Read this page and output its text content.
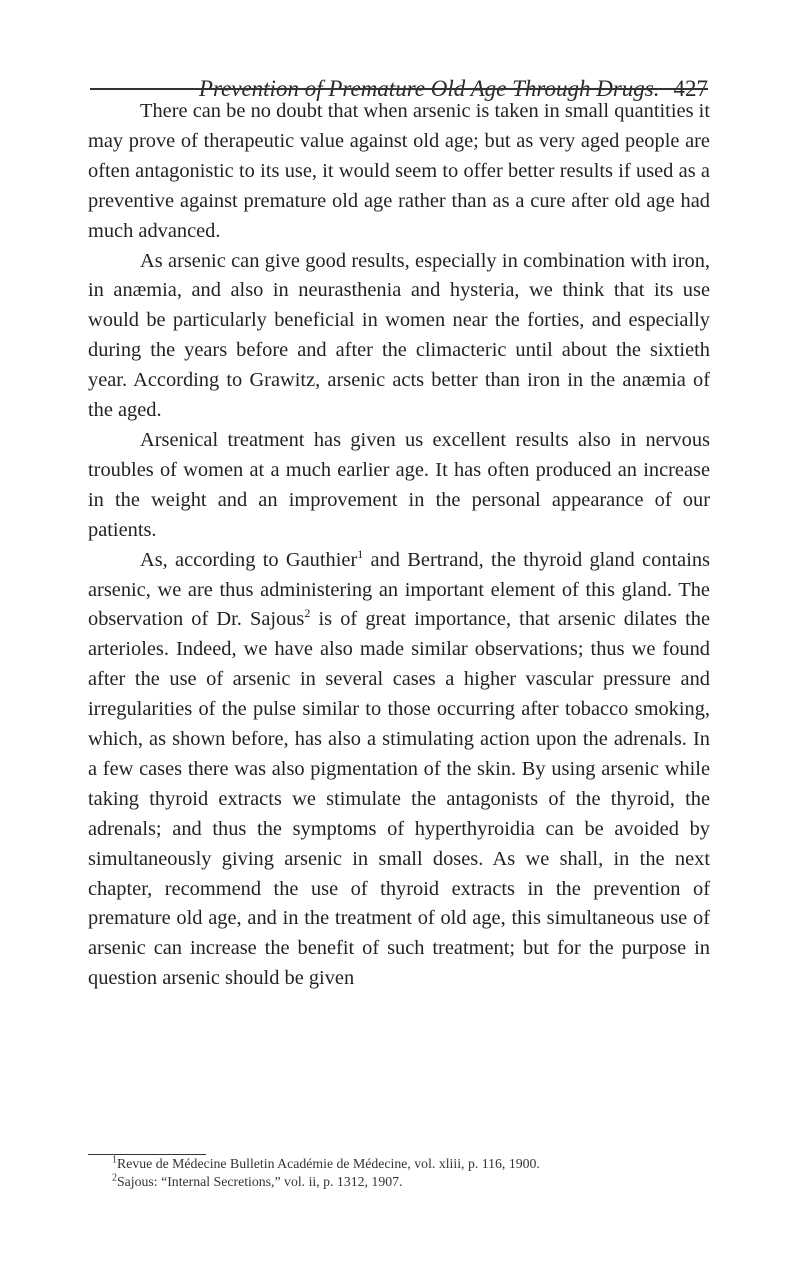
Prevention of Premature Old Age Through Drugs. 427

There can be no doubt that when arsenic is taken in small quantities it may prove of therapeutic value against old age; but as very aged people are often antagonistic to its use, it would seem to offer better results if used as a preventive against premature old age rather than as a cure after old age had much advanced.

As arsenic can give good results, especially in combination with iron, in anæmia, and also in neurasthenia and hysteria, we think that its use would be particularly beneficial in women near the forties, and especially during the years before and after the climacteric until about the sixtieth year. According to Grawitz, arsenic acts better than iron in the anæmia of the aged.

Arsenical treatment has given us excellent results also in nervous troubles of women at a much earlier age. It has often produced an increase in the weight and an improvement in the personal appearance of our patients.

As, according to Gauthier$^1$ and Bertrand, the thyroid gland contains arsenic, we are thus administering an important element of this gland. The observation of Dr. Sajous$^2$ is of great importance, that arsenic dilates the arterioles. Indeed, we have also made similar observations; thus we found after the use of arsenic in several cases a higher vascular pressure and irregularities of the pulse similar to those occurring after tobacco smoking, which, as shown before, has also a stimulating action upon the adrenals. In a few cases there was also pigmentation of the skin. By using arsenic while taking thyroid extracts we stimulate the antagonists of the thyroid, the adrenals; and thus the symptoms of hyperthyroidia can be avoided by simultaneously giving arsenic in small doses. As we shall, in the next chapter, recommend the use of thyroid extracts in the prevention of premature old age, and in the treatment of old age, this simultaneous use of arsenic can increase the benefit of such treatment; but for the purpose in question arsenic should be given

$^1$Revue de Médecine Bulletin Académie de Médecine, vol. xliii, p. 116, 1900.
$^2$Sajous: “Internal Secretions,” vol. ii, p. 1312, 1907.
